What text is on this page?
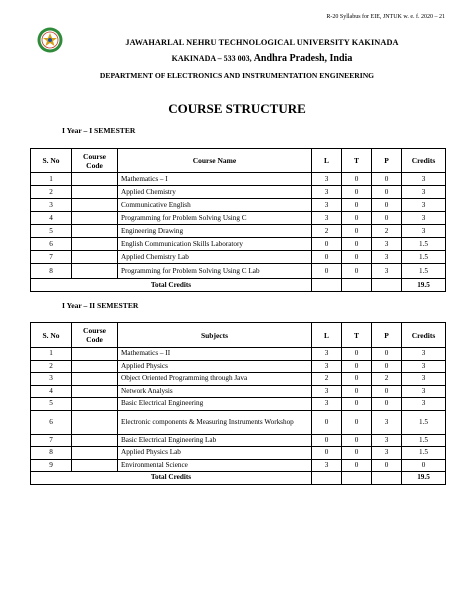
R-20 Syllabus for EIE, JNTUK w. e. f. 2020 – 21
JAWAHARLAL NEHRU TECHNOLOGICAL UNIVERSITY KAKINADA
KAKINADA – 533 003, Andhra Pradesh, India
DEPARTMENT OF ELECTRONICS AND INSTRUMENTATION ENGINEERING
COURSE STRUCTURE
I Year – I SEMESTER
S. No	Course Code	Course Name	L	T	P	Credits
1		Mathematics – I	3	0	0	3
2		Applied Chemistry	3	0	0	3
3		Communicative English	3	0	0	3
4		Programming for Problem Solving Using C	3	0	0	3
5		Engineering Drawing	2	0	2	3
6		English Communication Skills Laboratory	0	0	3	1.5
7		Applied Chemistry Lab	0	0	3	1.5
8		Programming for Problem Solving Using C Lab	0	0	3	1.5
Total Credits						19.5
I Year – II SEMESTER
S. No	Course Code	Subjects	L	T	P	Credits
1		Mathematics – II	3	0	0	3
2		Applied Physics	3	0	0	3
3		Object Oriented Programming through Java	2	0	2	3
4		Network Analysis	3	0	0	3
5		Basic Electrical Engineering	3	0	0	3
6		Electronic components & Measuring Instruments Workshop	0	0	3	1.5
7		Basic Electrical Engineering Lab	0	0	3	1.5
8		Applied Physics Lab	0	0	3	1.5
9		Environmental Science	3	0	0	0
Total Credits						19.5
